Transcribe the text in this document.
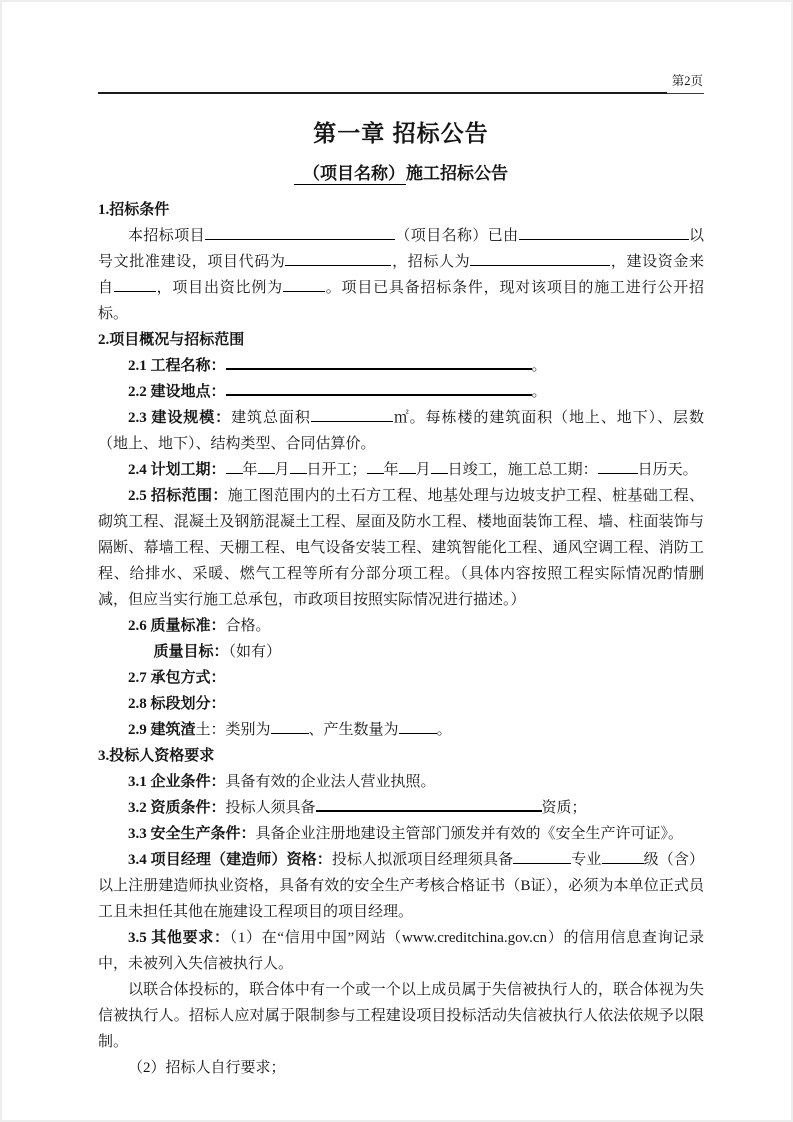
第2页
第一章 招标公告
（项目名称）施工招标公告
1.招标条件
本招标项目	（项目名称）已由	以号文批准建设，项目代码为	，招标人为	，建设资金来自	，项目出资比例为	。项目已具备招标条件，现对该项目的施工进行公开招标。
2.项目概况与招标范围
2.1 工程名称：	。
2.2 建设地点：	。
2.3 建设规模：建筑总面积	㎡。每栋楼的建筑面积（地上、地下）、层数（地上、地下）、结构类型、合同估算价。
2.4 计划工期： 年 月 日开工； 年 月 日竣工，施工总工期：	日历天。
2.5 招标范围：施工图范围内的土石方工程、地基处理与边坡支护工程、桩基础工程、砌筑工程、混凝土及钢筋混凝土工程、屋面及防水工程、楼地面装饰工程、墙、柱面装饰与隔断、幕墙工程、天棚工程、电气设备安装工程、建筑智能化工程、通风空调工程、消防工程、给排水、采暖、燃气工程等所有分部分项工程。（具体内容按照工程实际情况酌情删减，但应当实行施工总承包，市政项目按照实际情况进行描述。）
2.6 质量标准：合格。
质量目标：（如有）
2.7 承包方式：
2.8 标段划分：
2.9 建筑渣土：类别为	、产生数量为	。
3.投标人资格要求
3.1 企业条件：具备有效的企业法人营业执照。
3.2 资质条件：投标人须具备	资质；
3.3 安全生产条件：具备企业注册地建设主管部门颁发并有效的《安全生产许可证》。
3.4 项目经理（建造师）资格：投标人拟派项目经理须具备	专业	级（含）以上注册建造师执业资格，具备有效的安全生产考核合格证书（B证），必须为本单位正式员工且未担任其他在施建设工程项目的项目经理。
3.5 其他要求：（1）在“信用中国”网站（www.creditchina.gov.cn）的信用信息查询记录中，未被列入失信被执行人。
以联合体投标的，联合体中有一个或一个以上成员属于失信被执行人的，联合体视为失信被执行人。招标人应对属于限制参与工程建设项目投标活动失信被执行人依法依规予以限制。
（2）招标人自行要求；
